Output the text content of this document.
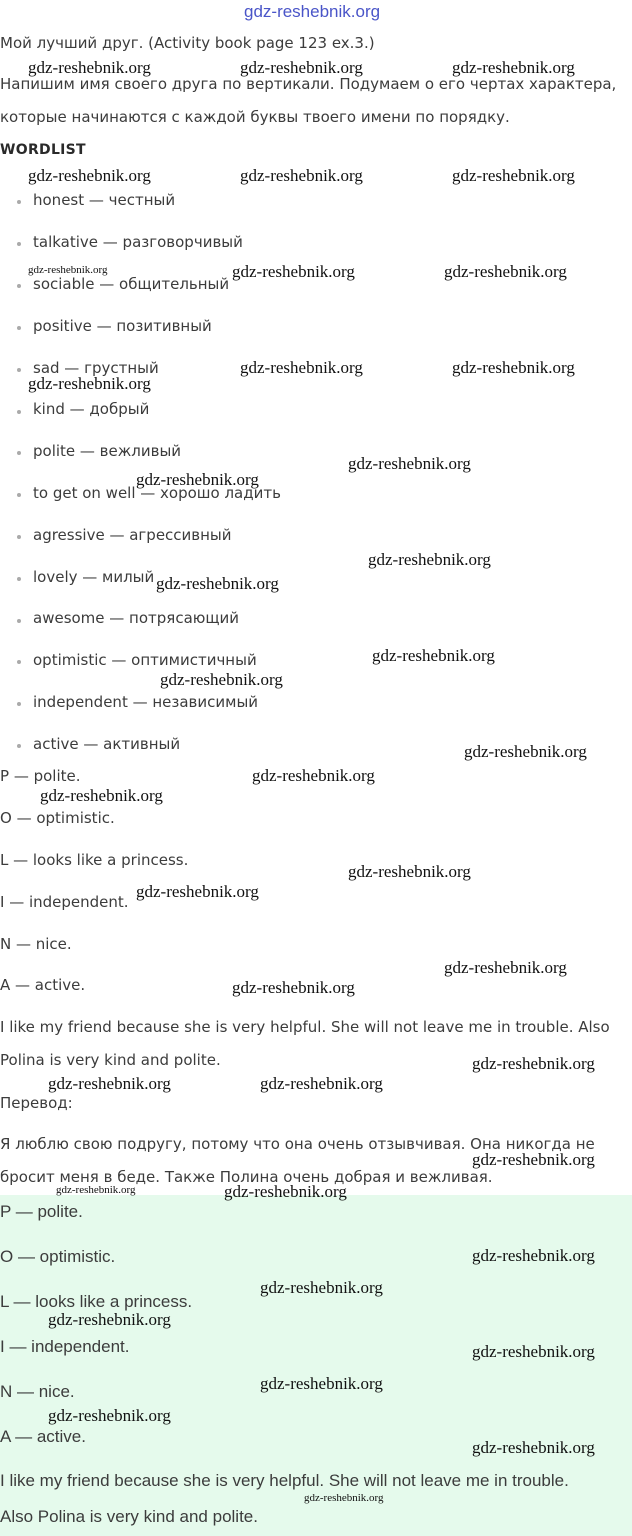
gdz-reshebnik.org
Мой лучший друг. (Activity book page 123 ex.3.)
Напишим имя своего друга по вертикали. Подумаем о его чертах характера,
которые начинаются с каждой буквы твоего имени по порядку.
WORDLIST
honest — честный
talkative — разговорчивый
sociable — общительный
positive — позитивный
sad — грустный
kind — добрый
polite — вежливый
to get on well — хорошо ладить
agressive — агрессивный
lovely — милый
awesome — потрясающий
optimistic — оптимистичный
independent — независимый
active — активный
P — polite.
O — optimistic.
L — looks like a princess.
I — independent.
N — nice.
A — active.
I like my friend because she is very helpful. She will not leave me in trouble. Also
Polina is very kind and polite.
Перевод:
Я люблю свою подругу, потому что она очень отзывчивая. Она никогда не
бросит меня в беде. Также Полина очень добрая и вежливая.
P — polite.
O — optimistic.
L — looks like a princess.
I — independent.
N — nice.
A — active.
I like my friend because she is very helpful. She will not leave me in trouble.
Also Polina is very kind and polite.
gdz-reshebnik.org	gdz-reshebnik.org	gdz-reshebnik.org
gdz-reshebnik.org	gdz-reshebnik.org	gdz-reshebnik.org
gdz-reshebnik.org	gdz-reshebnik.org	gdz-reshebnik.org
gdz-reshebnik.org	gdz-reshebnik.org
gdz-reshebnik.org
gdz-reshebnik.org
gdz-reshebnik.org
gdz-reshebnik.org
gdz-reshebnik.org
gdz-reshebnik.org
gdz-reshebnik.org
gdz-reshebnik.org
gdz-reshebnik.org
gdz-reshebnik.org
gdz-reshebnik.org
gdz-reshebnik.org
gdz-reshebnik.org
gdz-reshebnik.org
gdz-reshebnik.org
gdz-reshebnik.org	gdz-reshebnik.org
gdz-reshebnik.org
gdz-reshebnik.org	gdz-reshebnik.org
gdz-reshebnik.org
gdz-reshebnik.org
gdz-reshebnik.org
gdz-reshebnik.org
gdz-reshebnik.org
gdz-reshebnik.org
gdz-reshebnik.org
gdz-reshebnik.org
